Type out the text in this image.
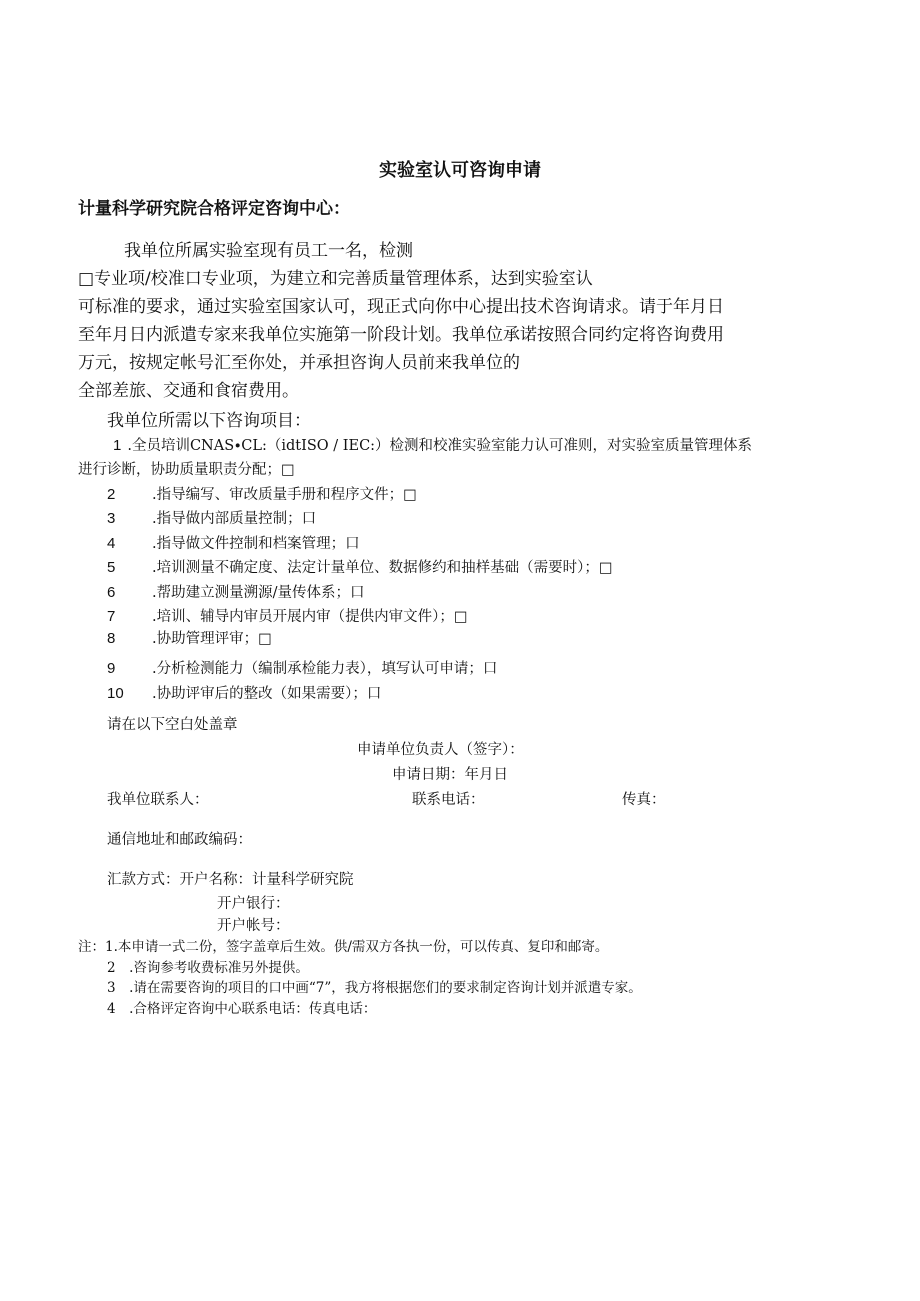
实验室认可咨询申请
计量科学研究院合格评定咨询中心：
我单位所属实验室现有员工一名，检测
□专业项/校准口专业项，为建立和完善质量管理体系，达到实验室认
可标准的要求，通过实验室国家认可，现正式向你中心提出技术咨询请求。请于年月日
至年月日内派遣专家来我单位实施第一阶段计划。我单位承诺按照合同约定将咨询费用
万元，按规定帐号汇至你处，并承担咨询人员前来我单位的
全部差旅、交通和食宿费用。
我单位所需以下咨询项目：
1 .全员培训CNAS∙CL:（idtISO / IEC:）检测和校准实验室能力认可准则，对实验室质量管理体系
进行诊断，协助质量职责分配；□
2	.指导编写、审改质量手册和程序文件；□
3	.指导做内部质量控制；口
4	.指导做文件控制和档案管理；口
5	.培训测量不确定度、法定计量单位、数据修约和抽样基础（需要时）；□
6	.帮助建立测量溯源/量传体系；口
7	.培训、辅导内审员开展内审（提供内审文件）；□
8	.协助管理评审；□
9	.分析检测能力（编制承检能力表），填写认可申请；口
10 .协助评审后的整改（如果需要）；口
请在以下空白处盖章
申请单位负责人（签字）：
申请日期：年月日
我单位联系人：	联系电话：	传真：
通信地址和邮政编码：
汇款方式：开户名称：计量科学研究院
开户银行：
开户帐号：
注：1.本申请一式二份，签字盖章后生效。供/需双方各执一份，可以传真、复印和邮寄。
2　.咨询参考收费标准另外提供。
3　.请在需要咨询的项目的口中画“7”，我方将根据您们的要求制定咨询计划并派遣专家。
4　.合格评定咨询中心联系电话：传真电话：
